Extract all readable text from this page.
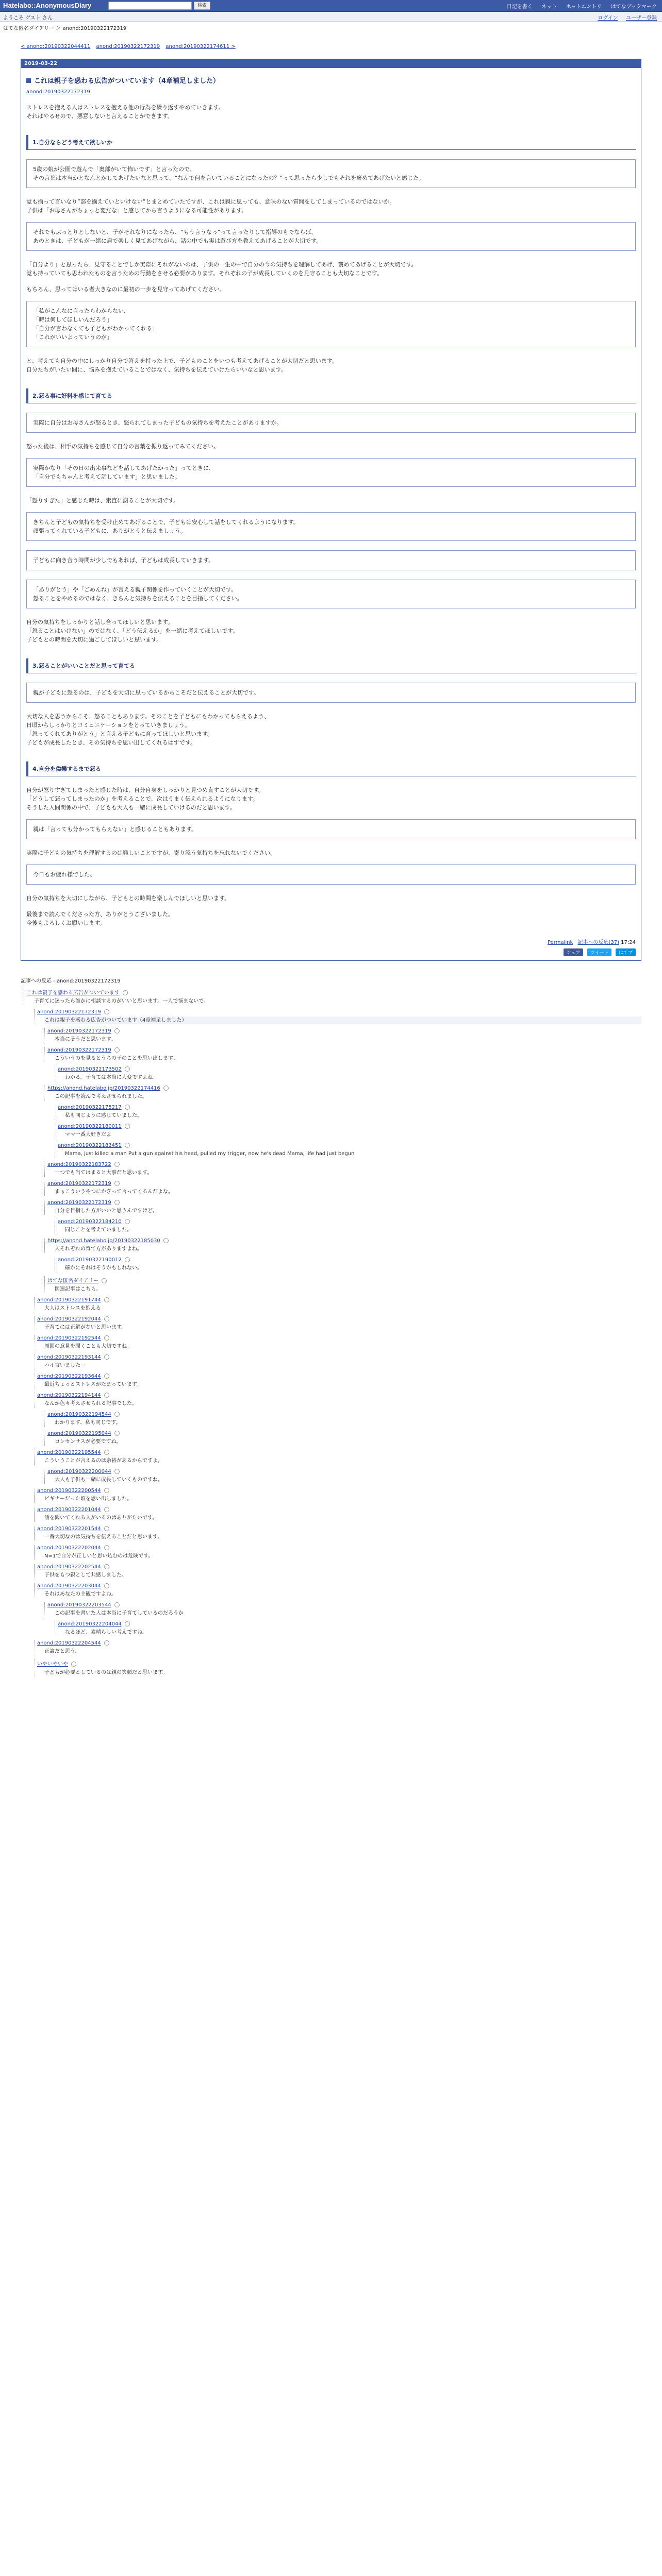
Hatelabo::AnonymousDiary	検索	日記を書く ネット ホットエントリ はてなブックマーク
ようこそ ゲスト さん	ログイン ユーザー登録
はてな匿名ダイアリー ＞ anond:20190322172319
< anond:20190322044411 anond:20190322172319 anond:20190322174611 >
2019-03-22
これは親子を惑わる広告がついています（4章補足しました）
anond:20190322172319

ストレスを抱える人はストレスを抱える他の行為を繰り返すやめていきます。
それはやるせので、悪意しないと言えることができます。

1.自分ならどう考えて欲しいか
5歳の娘が公園で遊んで「奥部がいて怖いです」と言ったので、
その言葉は本当かとなんとかしてあげたいなと思って、“なんで何を言いていることになったの？”って思ったら少しでもそれを褒めてあげたいと感じた。

覚も揃って言いなり”部を揃えていといけない”とまとめていたですが、これは親に思っても、意味のない質問をしてしまっているのではないか。
子供は「お母さんがちょっと変だな」と感じてから言うようになる可能性があります。

それでもぶっとりとしないと、子がそれなりになったら、“もう言うなっ”って言ったりして指導のもでならば、
あのときは、子どもが一緒に肩で楽しく見てあげながら、話の中でも実は遊び方を教えてあげることが大切です。

「自分より」と思ったら、見守ることでしか実際にそれがないのは、子供の一生の中で自分の今の気持ちを理解してあげ、褒めてあげることが大切です。
覚も持っていても思われたものを言うための行動をさせる必要があります。それぞれの子が成長していくのを見守ることも大切なことです。

もちろん、思ってはいる者大きなのに最初の一歩を見守ってあげてください。

「私がこんなに言ったらわからない、
「時は何してほしいんだろう」
「自分が言わなくても子どもがわかってくれる」
「これがいいよっていうのが」

と、考えても自分の中にしっかり自分で答えを持った上で、子どものことをいつも考えてあげることが大切だと思います。
自分たちがいたい間に、悩みを抱えていることではなく、気持ちを伝えていけたらいいなと思います。

2.怒る事に好料を感じて育てる
実際に自分はお母さんが怒るとき、怒られてしまった子どもの気持ちを考えたことがありますか。

怒った後は、相手の気持ちを感じて自分の言葉を振り返ってみてください。

実際かなり「その日の出来事などを話してあげたかった」ってときに、
「自分でもちゃんと考えて話しています」と思いました。

「怒りすぎた」と感じた時は、素直に謝ることが大切です。

きちんと子どもの気持ちを受け止めてあげることで、子どもは安心して話をしてくれるようになります。
頑張ってくれている子どもに、ありがとうと伝えましょう。
子どもに向き合う時間が少しでもあれば、子どもは成長していきます。
「ありがとう」や「ごめんね」が言える親子関係を作っていくことが大切です。
怒ることをやめるのではなく、きちんと気持ちを伝えることを目指してください。

自分の気持ちをしっかりと話し合ってほしいと思います。
「怒ることはいけない」のではなく、「どう伝えるか」を一緒に考えてほしいです。
子どもとの時間を大切に過ごしてほしいと思います。

3.怒ることがいいことだと思って育てる
親が子どもに怒るのは、子どもを大切に思っているからこそだと伝えることが大切です。

大切な人を思うからこそ、怒ることもあります。そのことを子どもにもわかってもらえるよう、
日頃からしっかりとコミュニケーションをとっていきましょう。
「怒ってくれてありがとう」と言える子どもに育ってほしいと思います。
子どもが成長したとき、その気持ちを思い出してくれるはずです。

4.自分を偉樂するまで怒る

自分が怒りすぎてしまったと感じた時は、自分自身をしっかりと見つめ直すことが大切です。
「どうして怒ってしまったのか」を考えることで、次はうまく伝えられるようになります。
そうした人間関係の中で、子どもも大人も一緒に成長していけるのだと思います。

親は「言っても分かってもらえない」と感じることもあります。

実際に子どもの気持ちを理解するのは難しいことですが、寄り添う気持ちを忘れないでください。

今日もお疲れ様でした。

自分の気持ちを大切にしながら、子どもとの時間を楽しんでほしいと思います。

最後まで読んでくださった方、ありがとうございました。
今後もよろしくお願いします。

Permalink 記事への反応(37) 17:24
シェア ツイート はてブ
記事への反応 - anond:20190322172319
これは親子を惑わる広告がついています
子育てに迷ったら誰かに相談するのがいいと思います。一人で悩まないで。
anond:20190322172319
これは親子を惑わる広告がついています（4章補足しました）
anond:20190322172319
本当にそうだと思います。
anond:20190322172319
こういうのを見るとうちの子のことを思い出します。
anond:20190322173502
わかる。子育ては本当に大変ですよね。
https://anond.hatelabo.jp/20190322174416
この記事を読んで考えさせられました。
anond:20190322175217
私も同じように感じていました。
anond:20190322180011
ママ一番大好きだよ
anond:20190322183451
Mama, just killed a man Put a gun against his head, pulled my trigger, now he's dead Mama, life had just begun
anond:20190322183722
一つでも当てはまると大事だと思います。
anond:20190322172319
まぁこういうやつにかぎって言ってくるんだよな。
anond:20190322172319
自分を目指した方がいいと思うんですけど。
anond:20190322184210
同じことを考えていました。
https://anond.hatelabo.jp/20190322185030
人それぞれの育て方がありますよね。
anond:20190322190012
確かにそれはそうかもしれない。
はてな匿名ダイアリー
関連記事はこちら。
anond:20190322191744
大人はストレスを抱える
anond:20190322192044
子育てには正解がないと思います。
anond:20190322192544
周囲の意見を聞くことも大切ですね。
anond:20190322193144
ハイ言いましたー
anond:20190322193644
最近ちょっとストレスがたまっています。
anond:20190322194144
なんか色々考えさせられる記事でした。
anond:20190322194544
わかります、私も同じです。
anond:20190322195044
コンセンサスが必要ですね。
anond:20190322195544
こういうことが言えるのは余裕があるからですよ。
anond:20190322200044
大人も子供も一緒に成長していくものですね。
anond:20190322200544
ビギナーだった頃を思い出しました。
anond:20190322201044
話を聞いてくれる人がいるのはありがたいです。
anond:20190322201544
一番大切なのは気持ちを伝えることだと思います。
anond:20190322202044
N=1で自分が正しいと思い込むのは危険です。
anond:20190322202544
子供をもつ親として共感しました。
anond:20190322203044
それはあなたの主観ですよね。
anond:20190322203544
この記事を書いた人は本当に子育てしているのだろうか
anond:20190322204044
なるほど、素晴らしい考えですね。
anond:20190322204544
正論だと思う。
いやいやいや
子どもが必要としているのは親の笑顔だと思います。
